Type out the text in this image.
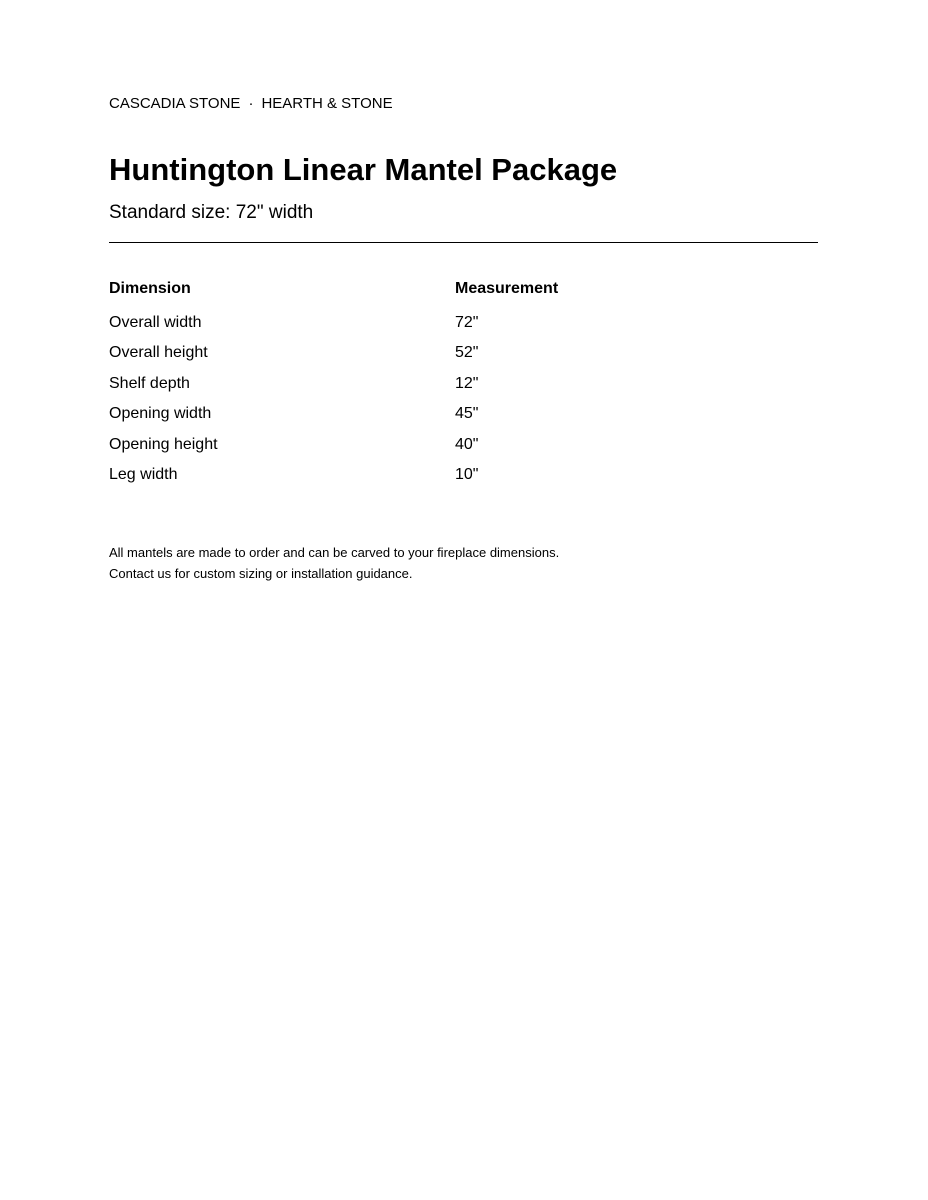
CASCADIA STONE · HEARTH & STONE
Huntington Linear Mantel Package
Standard size: 72" width
Dimension	Measurement
Overall width	72"
Overall height	52"
Shelf depth	12"
Opening width	45"
Opening height	40"
Leg width	10"
All mantels are made to order and can be carved to your fireplace dimensions.
Contact us for custom sizing or installation guidance.
